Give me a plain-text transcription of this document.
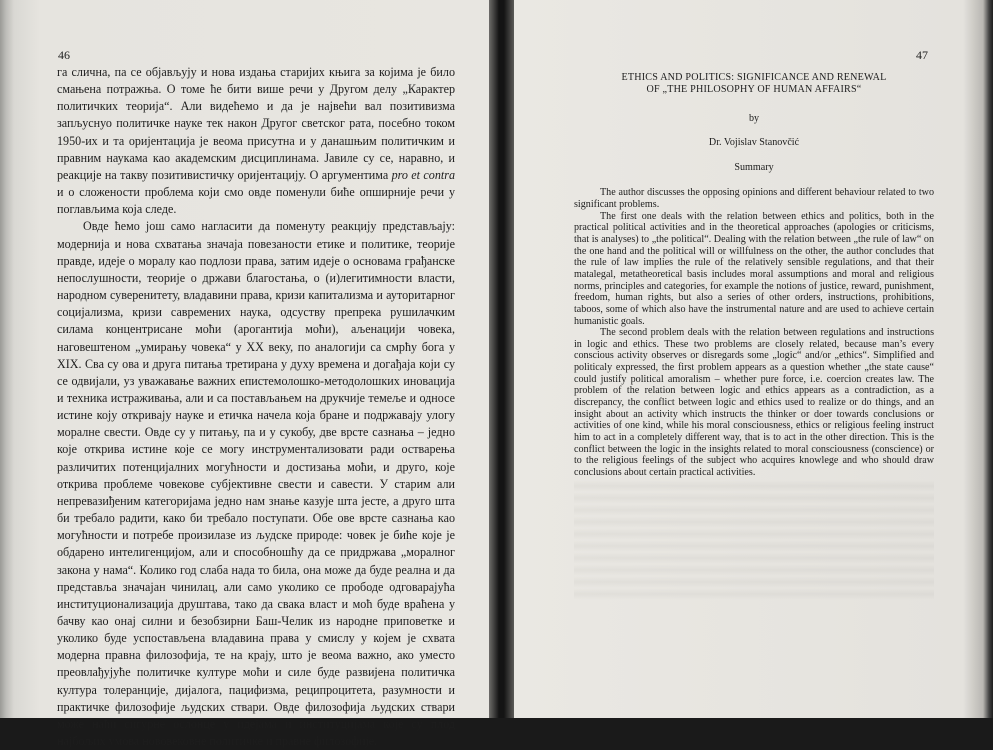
46

га слична, па се објављују и нова издања старијих књига за којима је било смањена потражња. О томе ће бити више речи у Другом делу „Карактер политичких теорија“. Али видећемо и да је највећи вал позитивизма запљуснуо политичке науке тек након Другог светског рата, посебно током 1950-их и та оријентација је веома присутна и у данашњим политичким и правним наукама као академским дисциплинама. Јавиле су се, наравно, и реакције на такву позитивистичку оријентацију. О аргументима pro et contra и о сложености проблема који смо овде поменули биће опширније речи у поглављима која следе.

Овде ћемо још само нагласити да поменуту реакцију представљају: модернија и нова схватања значаја повезаности етике и политике, теорије правде, идеје о моралу као подлози права, затим идеје о основама грађанске непослушности, теорије о држави благостања, о (и)легитимности власти, народном суверенитету, владавини права, кризи капитализма и ауторитарног социјализма, кризи савремених наука, одсуству препрека рушилачким силама концентрисане моћи (арогантија моћи), аљенацији човека, наговештеном „умирању човека“ у XX веку, по аналогији са смрћу бога у XIX. Сва су ова и друга питања третирана у духу времена и догађаја који су се одвијали, уз уважавање важних епистемолошко-методолошких иновација и техника истраживања, али и са постављањем на друкчије темеље и односе истине коју откривају науке и етичка начела која бране и подржавају улогу моралне свести. Овде су у питању, па и у сукобу, две врсте сазнања – једно које открива истине које се могу инструментализовати ради остварења различитих потенцијалних могућности и достизања моћи, и друго, које открива проблеме човекове субјективне свести и савести. У старим али непревазиђеним категоријама једно нам знање казује шта јесте, а друго шта би требало радити, како би требало поступати. Обе ове врсте сазнања као могућности и потребе произилазе из људске природе: човек је биће које је обдарено интелигенцијом, али и способношћу да се придржава „моралног закона у нама“. Колико год слаба нада то била, она може да буде реална и да представља значајан чинилац, али само уколико се прободе одговарајућа институционализација друштава, тако да свака власт и моћ буде враћена у бачву као онај силни и безобзирни Баш-Челик из народне приповетке и уколико буде успостављена владавина права у смислу у којем је схвата модерна правна филозофија, те на крају, што је веома важно, ако уместо преовлађујуће политичке културе моћи и силе буде развијена политичка култура толеранције, дијалога, пацифизма, реципроцитета, разумности и практичке филозофије људских ствари. Овде филозофија људских ствари може наћи сигурне ослонце у идејама и институцијама које су плод најбољих умова нововековне политичке и правне филозофије.

47
ETHICS AND POLITICS: SIGNIFICANCE AND RENEWAL
OF „THE PHILOSOPHY OF HUMAN AFFAIRS“
by
Dr. Vojislav Stanovčić
Summary

The author discusses the opposing opinions and different behaviour related to two significant problems.

The first one deals with the relation between ethics and politics, both in the practical political activities and in the theoretical approaches (apologies or criticisms, that is analyses) to „the political“. Dealing with the relation between „the rule of law“ on the one hand and the political will or willfulness on the other, the author concludes that the rule of law implies the rule of the relatively sensible regulations, and that their matalegal, metatheoretical basis includes moral assumptions and moral and religious norms, principles and categories, for example the notions of justice, reward, punishment, freedom, human rights, but also a series of other orders, instructions, prohibitions, taboos, some of which also have the instrumental nature and are used to achieve certain humanistic goals.

The second problem deals with the relation between regulations and instructions in logic and ethics. These two problems are closely related, because man’s every conscious activity observes or disregards some „logic“ and/or „ethics“. Simplified and politicaly expressed, the first problem appears as a question whether „the state cause“ could justify political amoralism – whether pure force, i.e. coercion creates law. The problem of the relation between logic and ethics appears as a contradiction, as a discrepancy, the conflict between logic and ethics used to realize or do things, and an insight about an activity which instructs the thinker or doer towards conclusions or activities of one kind, while his moral consciousness, ethics or religious feeling instruct him to act in a completely different way, that is to act in the other direction. This is the conflict between the logic in the insights related to moral consciousness (conscience) or to the religious feelings of the subject who acquires knowlege and who should draw conclusions about certain practical activities.
